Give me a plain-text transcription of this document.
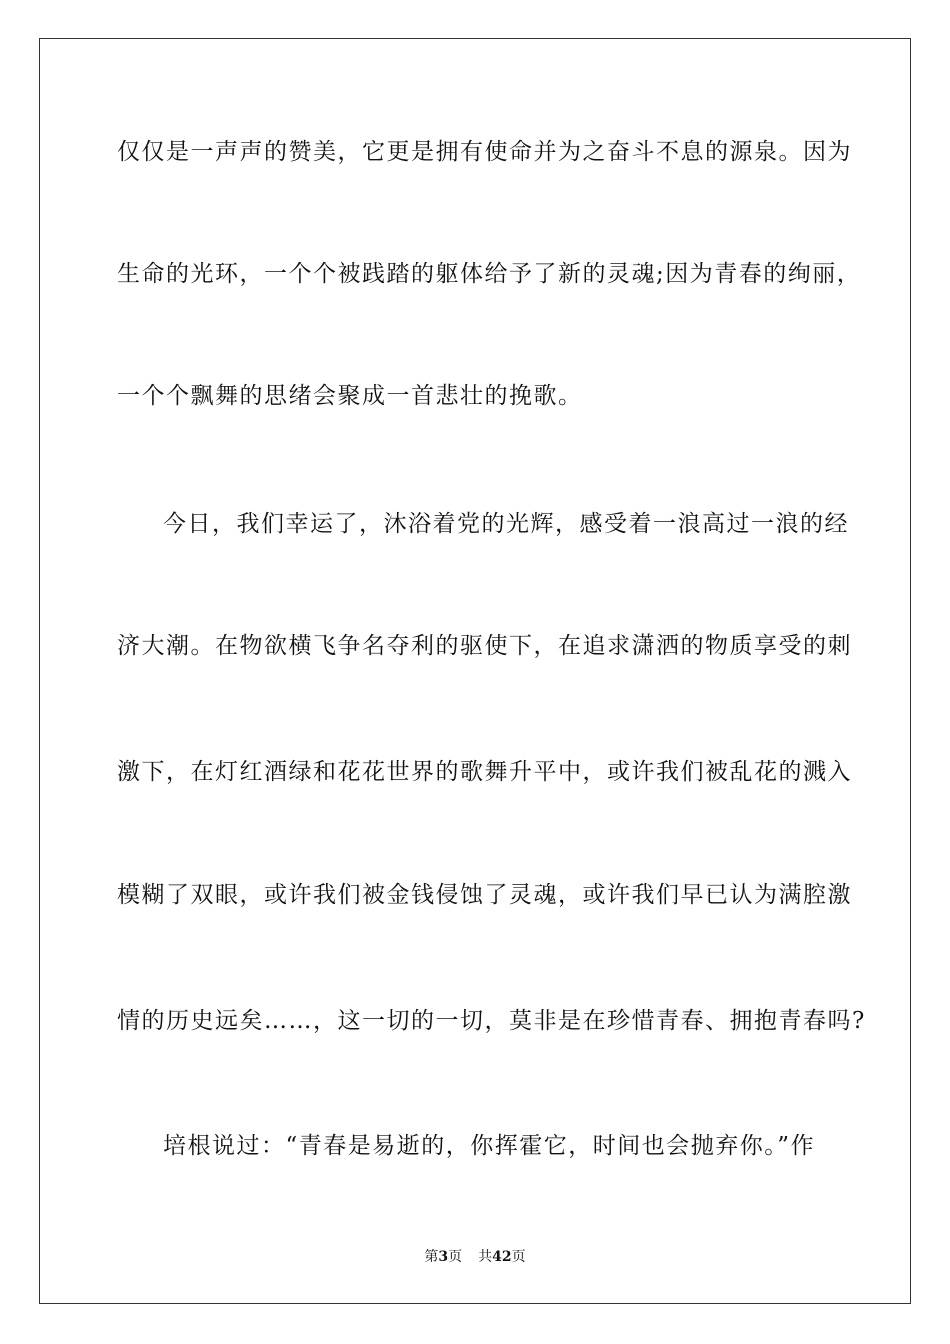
仅仅是一声声的赞美，它更是拥有使命并为之奋斗不息的源泉。因为
生命的光环，一个个被践踏的躯体给予了新的灵魂;因为青春的绚丽，
一个个飘舞的思绪会聚成一首悲壮的挽歌。
今日，我们幸运了，沐浴着党的光辉，感受着一浪高过一浪的经
济大潮。在物欲横飞争名夺利的驱使下，在追求潇洒的物质享受的刺
激下，在灯红酒绿和花花世界的歌舞升平中，或许我们被乱花的溅入
模糊了双眼，或许我们被金钱侵蚀了灵魂，或许我们早已认为满腔激
情的历史远矣……，这一切的一切，莫非是在珍惜青春、拥抱青春吗?
培根说过：“青春是易逝的，你挥霍它，时间也会抛弃你。”作
第3页 共42页
